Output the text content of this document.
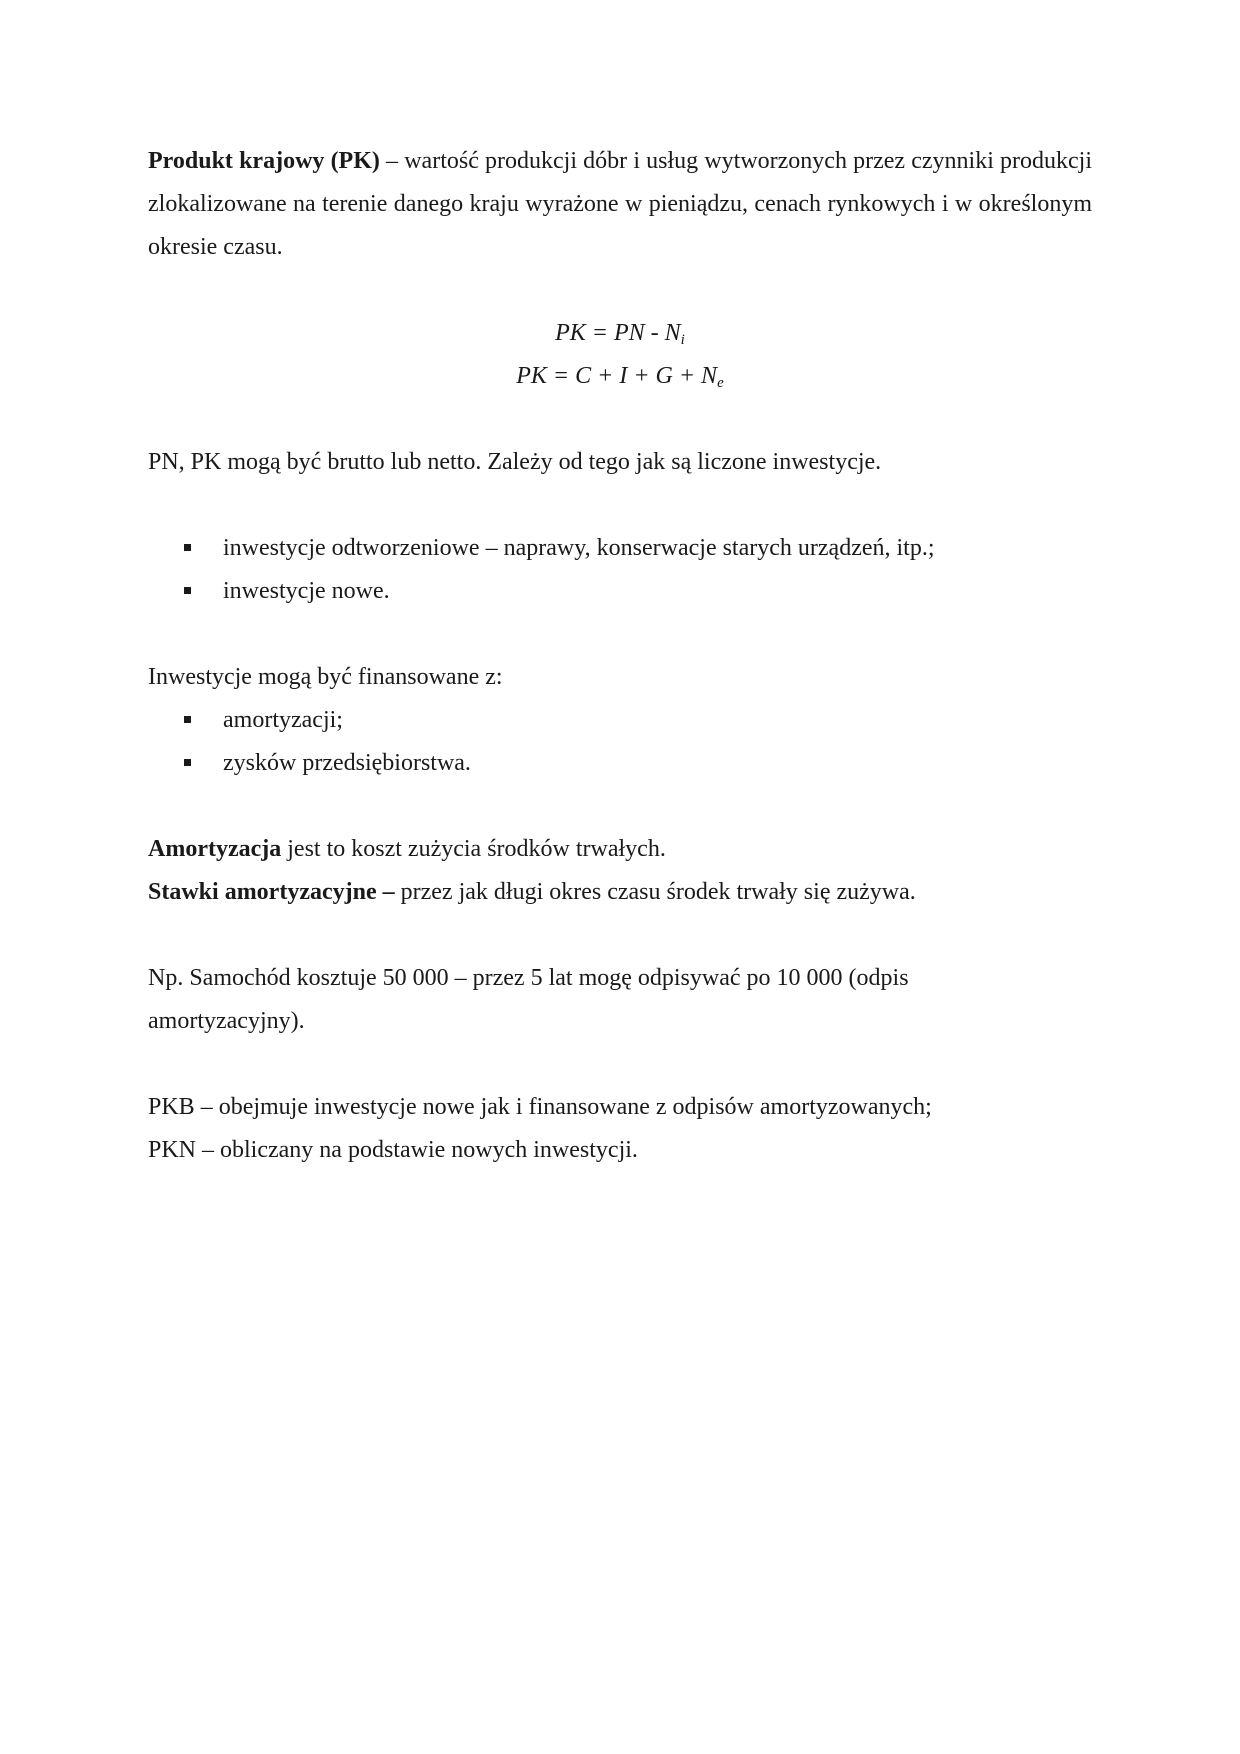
Produkt krajowy (PK) – wartość produkcji dóbr i usług wytworzonych przez czynniki produkcji zlokalizowane na terenie danego kraju wyrażone w pieniądzu, cenach rynkowych i w określonym okresie czasu.

PK = PN - $N_i$
PK = $C + I + G + N_e$

PN, PK mogą być brutto lub netto. Zależy od tego jak są liczone inwestycje.

inwestycje odtworzeniowe – naprawy, konserwacje starych urządzeń, itp.;
inwestycje nowe.

Inwestycje mogą być finansowane z:

amortyzacji;
zysków przedsiębiorstwa.

Amortyzacja jest to koszt zużycia środków trwałych.

Stawki amortyzacyjne – przez jak długi okres czasu środek trwały się zużywa.

Np. Samochód kosztuje 50 000 – przez 5 lat mogę odpisywać po 10 000 (odpis amortyzacyjny).

PKB – obejmuje inwestycje nowe jak i finansowane z odpisów amortyzowanych;

PKN – obliczany na podstawie nowych inwestycji.
